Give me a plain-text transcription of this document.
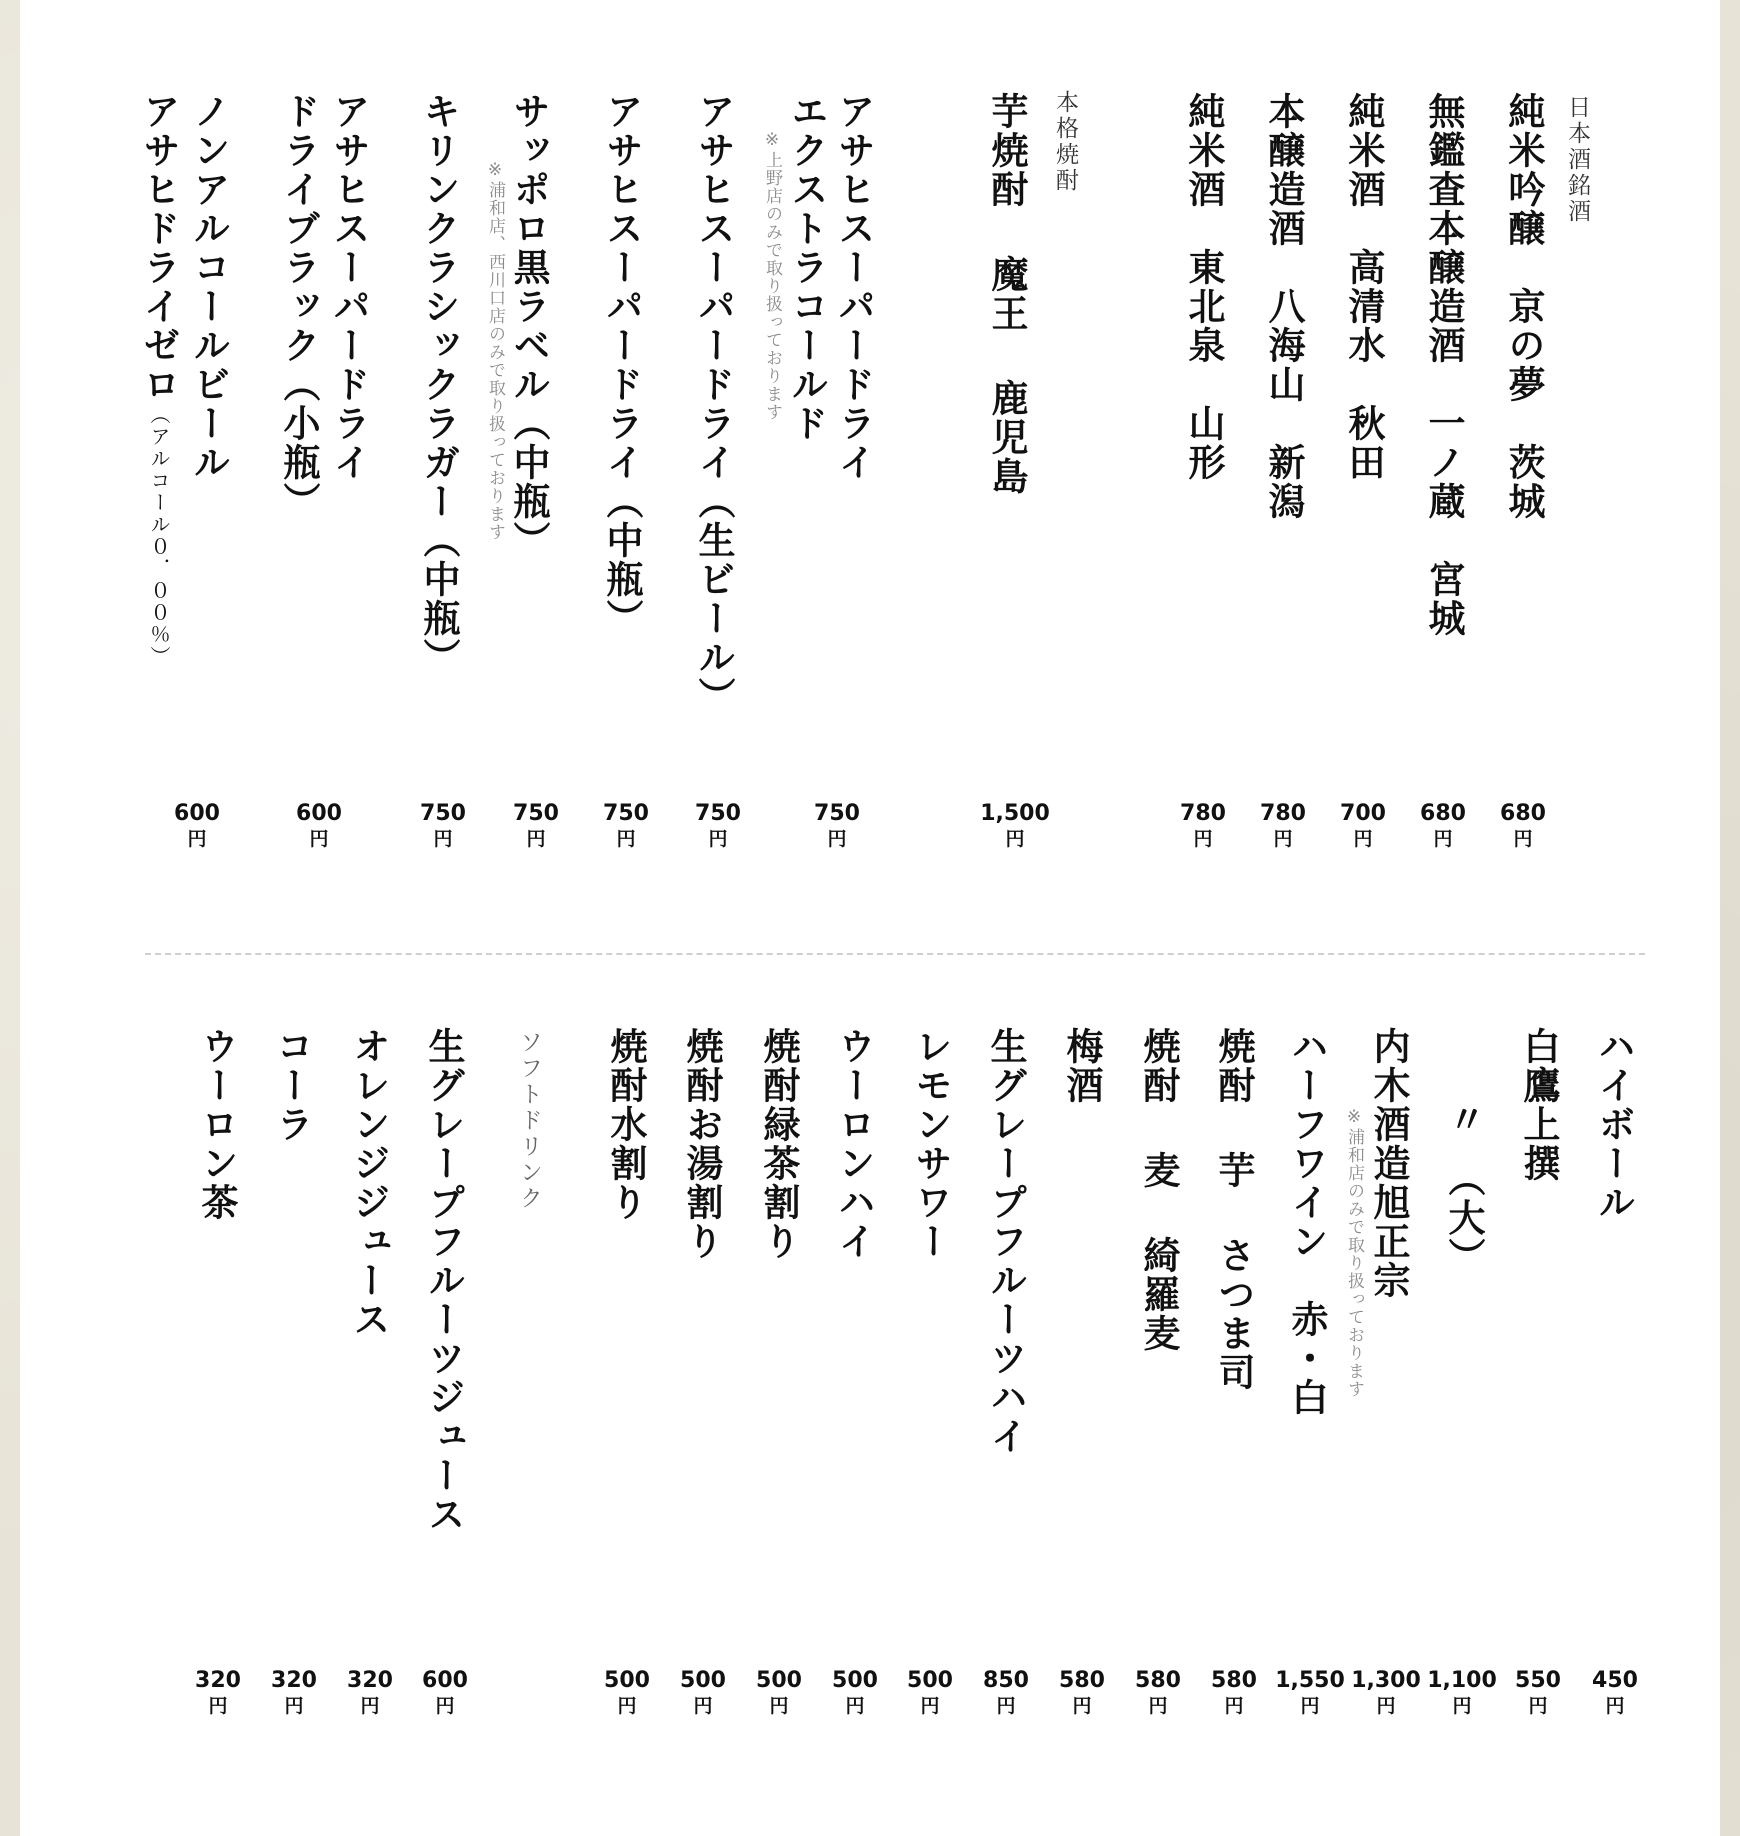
日本酒銘酒
純米吟醸　京の夢　茨城
680
円
無鑑査本醸造酒　一ノ蔵　宮城
680
円
純米酒　高清水　秋田
700
円
本醸造酒　八海山　新潟
780
円
純米酒　東北泉　山形
780
円
本格焼酎
芋焼酎 魔王 鹿児島
1,500
円
アサヒスーパードライ
エクストラコールド
※上野店のみで取り扱っております
750
円
アサヒスーパードライ（生ビール）
750
円
アサヒスーパードライ（中瓶）
750
円
サッポロ黒ラベル（中瓶）
※浦和店、西川口店のみで取り扱っております
750
円
キリンクラシックラガー（中瓶）
750
円
アサヒスーパードライ
ドライブラック（小瓶）
600
円
ノンアルコールビール
アサヒドライゼロ（アルコール０．００％）
600
円
ハイボール
450
円
白鷹上撰
550
円
〃　（大）
1,100
円
内木酒造旭正宗
※浦和店のみで取り扱っております
1,300
円
ハーフワイン　赤・白
1,550
円
焼酎 芋 さつま司
580
円
焼酎 麦 綺羅麦
580
円
梅酒
580
円
生グレープフルーツハイ
850
円
レモンサワー
500
円
ウーロンハイ
500
円
焼酎緑茶割り
500
円
焼酎お湯割り
500
円
焼酎水割り
500
円
ソフトドリンク
生グレープフルーツジュース
600
円
オレンジジュース
320
円
コーラ
320
円
ウーロン茶
320
円
